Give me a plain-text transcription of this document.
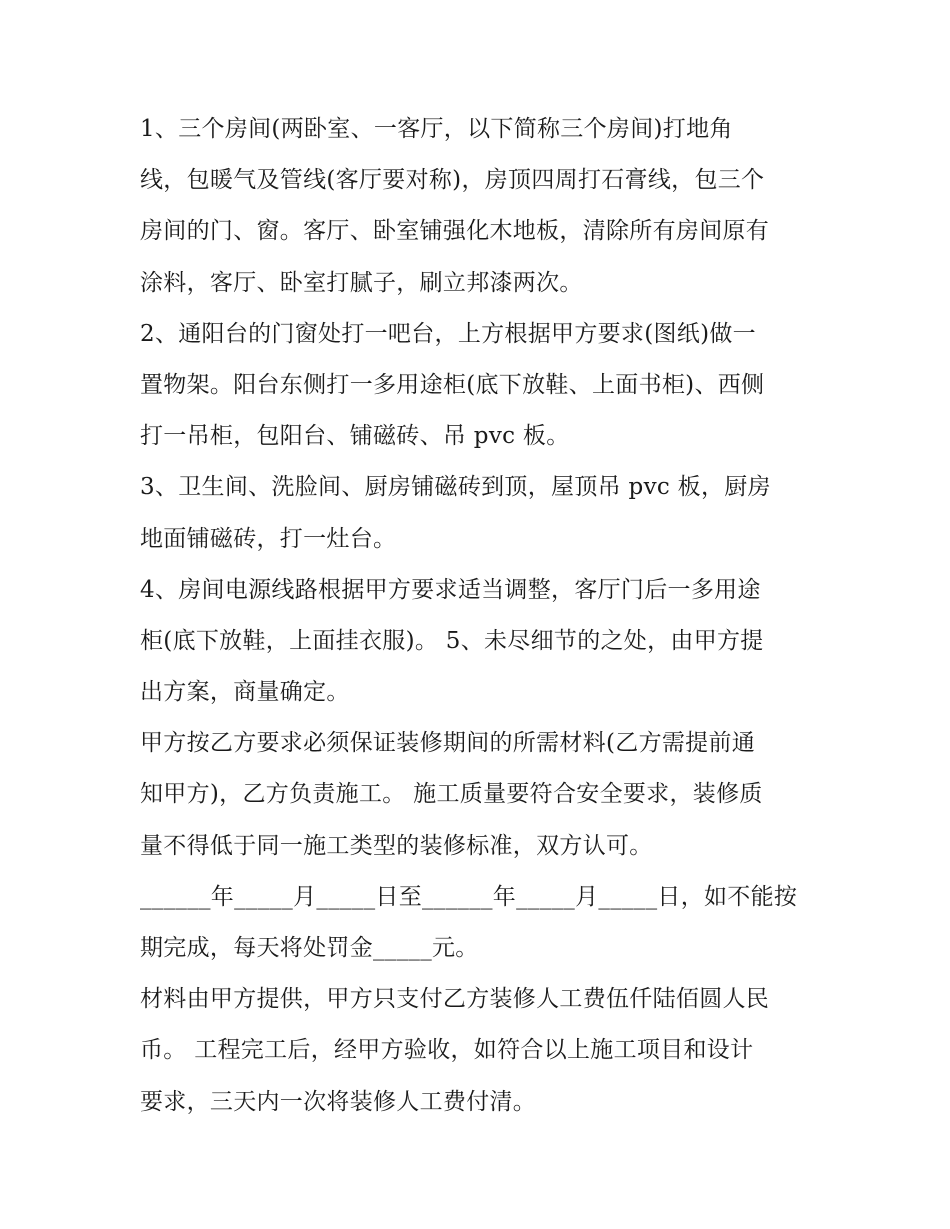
1、三个房间(两卧室、一客厅，以下简称三个房间)打地角
线，包暖气及管线(客厅要对称)，房顶四周打石膏线，包三个
房间的门、窗。客厅、卧室铺强化木地板，清除所有房间原有
涂料，客厅、卧室打腻子，刷立邦漆两次。
2、通阳台的门窗处打一吧台，上方根据甲方要求(图纸)做一
置物架。阳台东侧打一多用途柜(底下放鞋、上面书柜)、西侧
打一吊柜，包阳台、铺磁砖、吊 pvc 板。
3、卫生间、洗脸间、厨房铺磁砖到顶，屋顶吊 pvc 板，厨房
地面铺磁砖，打一灶台。
4、房间电源线路根据甲方要求适当调整，客厅门后一多用途
柜(底下放鞋，上面挂衣服)。 5、未尽细节的之处，由甲方提
出方案，商量确定。
甲方按乙方要求必须保证装修期间的所需材料(乙方需提前通
知甲方)，乙方负责施工。 施工质量要符合安全要求，装修质
量不得低于同一施工类型的装修标准，双方认可。
______年_____月_____日至______年_____月_____日，如不能按
期完成，每天将处罚金_____元。
材料由甲方提供，甲方只支付乙方装修人工费伍仟陆佰圆人民
币。 工程完工后，经甲方验收，如符合以上施工项目和设计
要求，三天内一次将装修人工费付清。
